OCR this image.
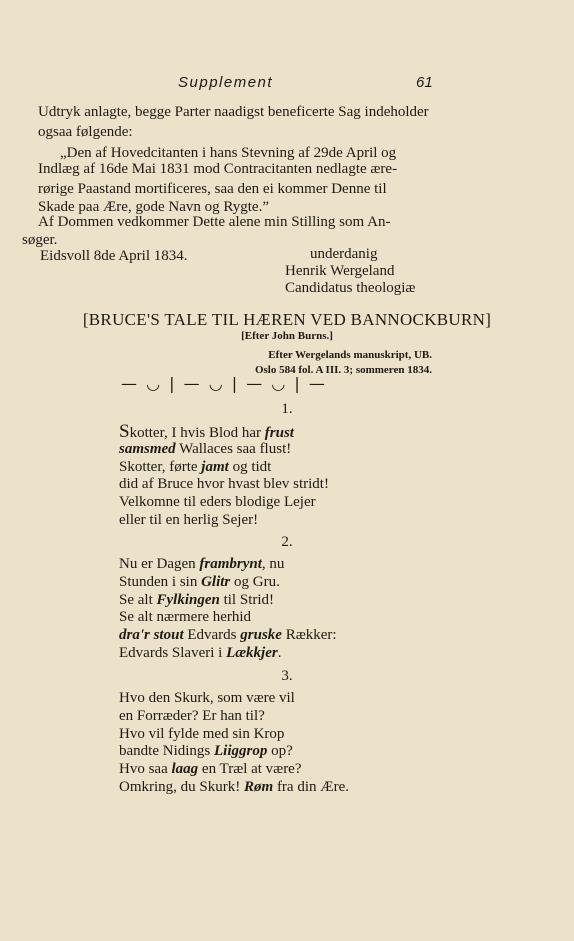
Supplement	61
Udtryk anlagte, begge Parter naadigst beneficerte Sag indeholder
ogsaa følgende:
„Den af Hovedcitanten i hans Stevning af 29de April og
Indlæg af 16de Mai 1831 mod Contracitanten nedlagte ære-
rørige Paastand mortificeres, saa den ei kommer Denne til
Skade paa Ære, gode Navn og Rygte.”
Af Dommen vedkommer Dette alene min Stilling som An-
søger.
Eidsvoll 8de April 1834.	underdanig
Henrik Wergeland
Candidatus theologiæ
[BRUCE'S TALE TIL HÆREN VED BANNOCKBURN]
[Efter John Burns.]
Efter Wergelands manuskript, UB.
Oslo 584 fol. A III. 3; sommeren 1834.
— ◡ | — ◡ | — ◡ | —
1.
Skotter, I hvis Blod har frust
samsmed Wallaces saa flust!
Skotter, førte jamt og tidt
did af Bruce hvor hvast blev stridt!
Velkomne til eders blodige Lejer
eller til en herlig Sejer!
2.
Nu er Dagen frambrynt, nu
Stunden i sin Glitr og Gru.
Se alt Fylkingen til Strid!
Se alt nærmere herhid
dra'r stout Edvards gruske Rækker:
Edvards Slaveri i Lækkjer.
3.
Hvo den Skurk, som være vil
en Forræder? Er han til?
Hvo vil fylde med sin Krop
bandte Nidings Liiggrop op?
Hvo saa laag en Træl at være?
Omkring, du Skurk! Røm fra din Ære.
